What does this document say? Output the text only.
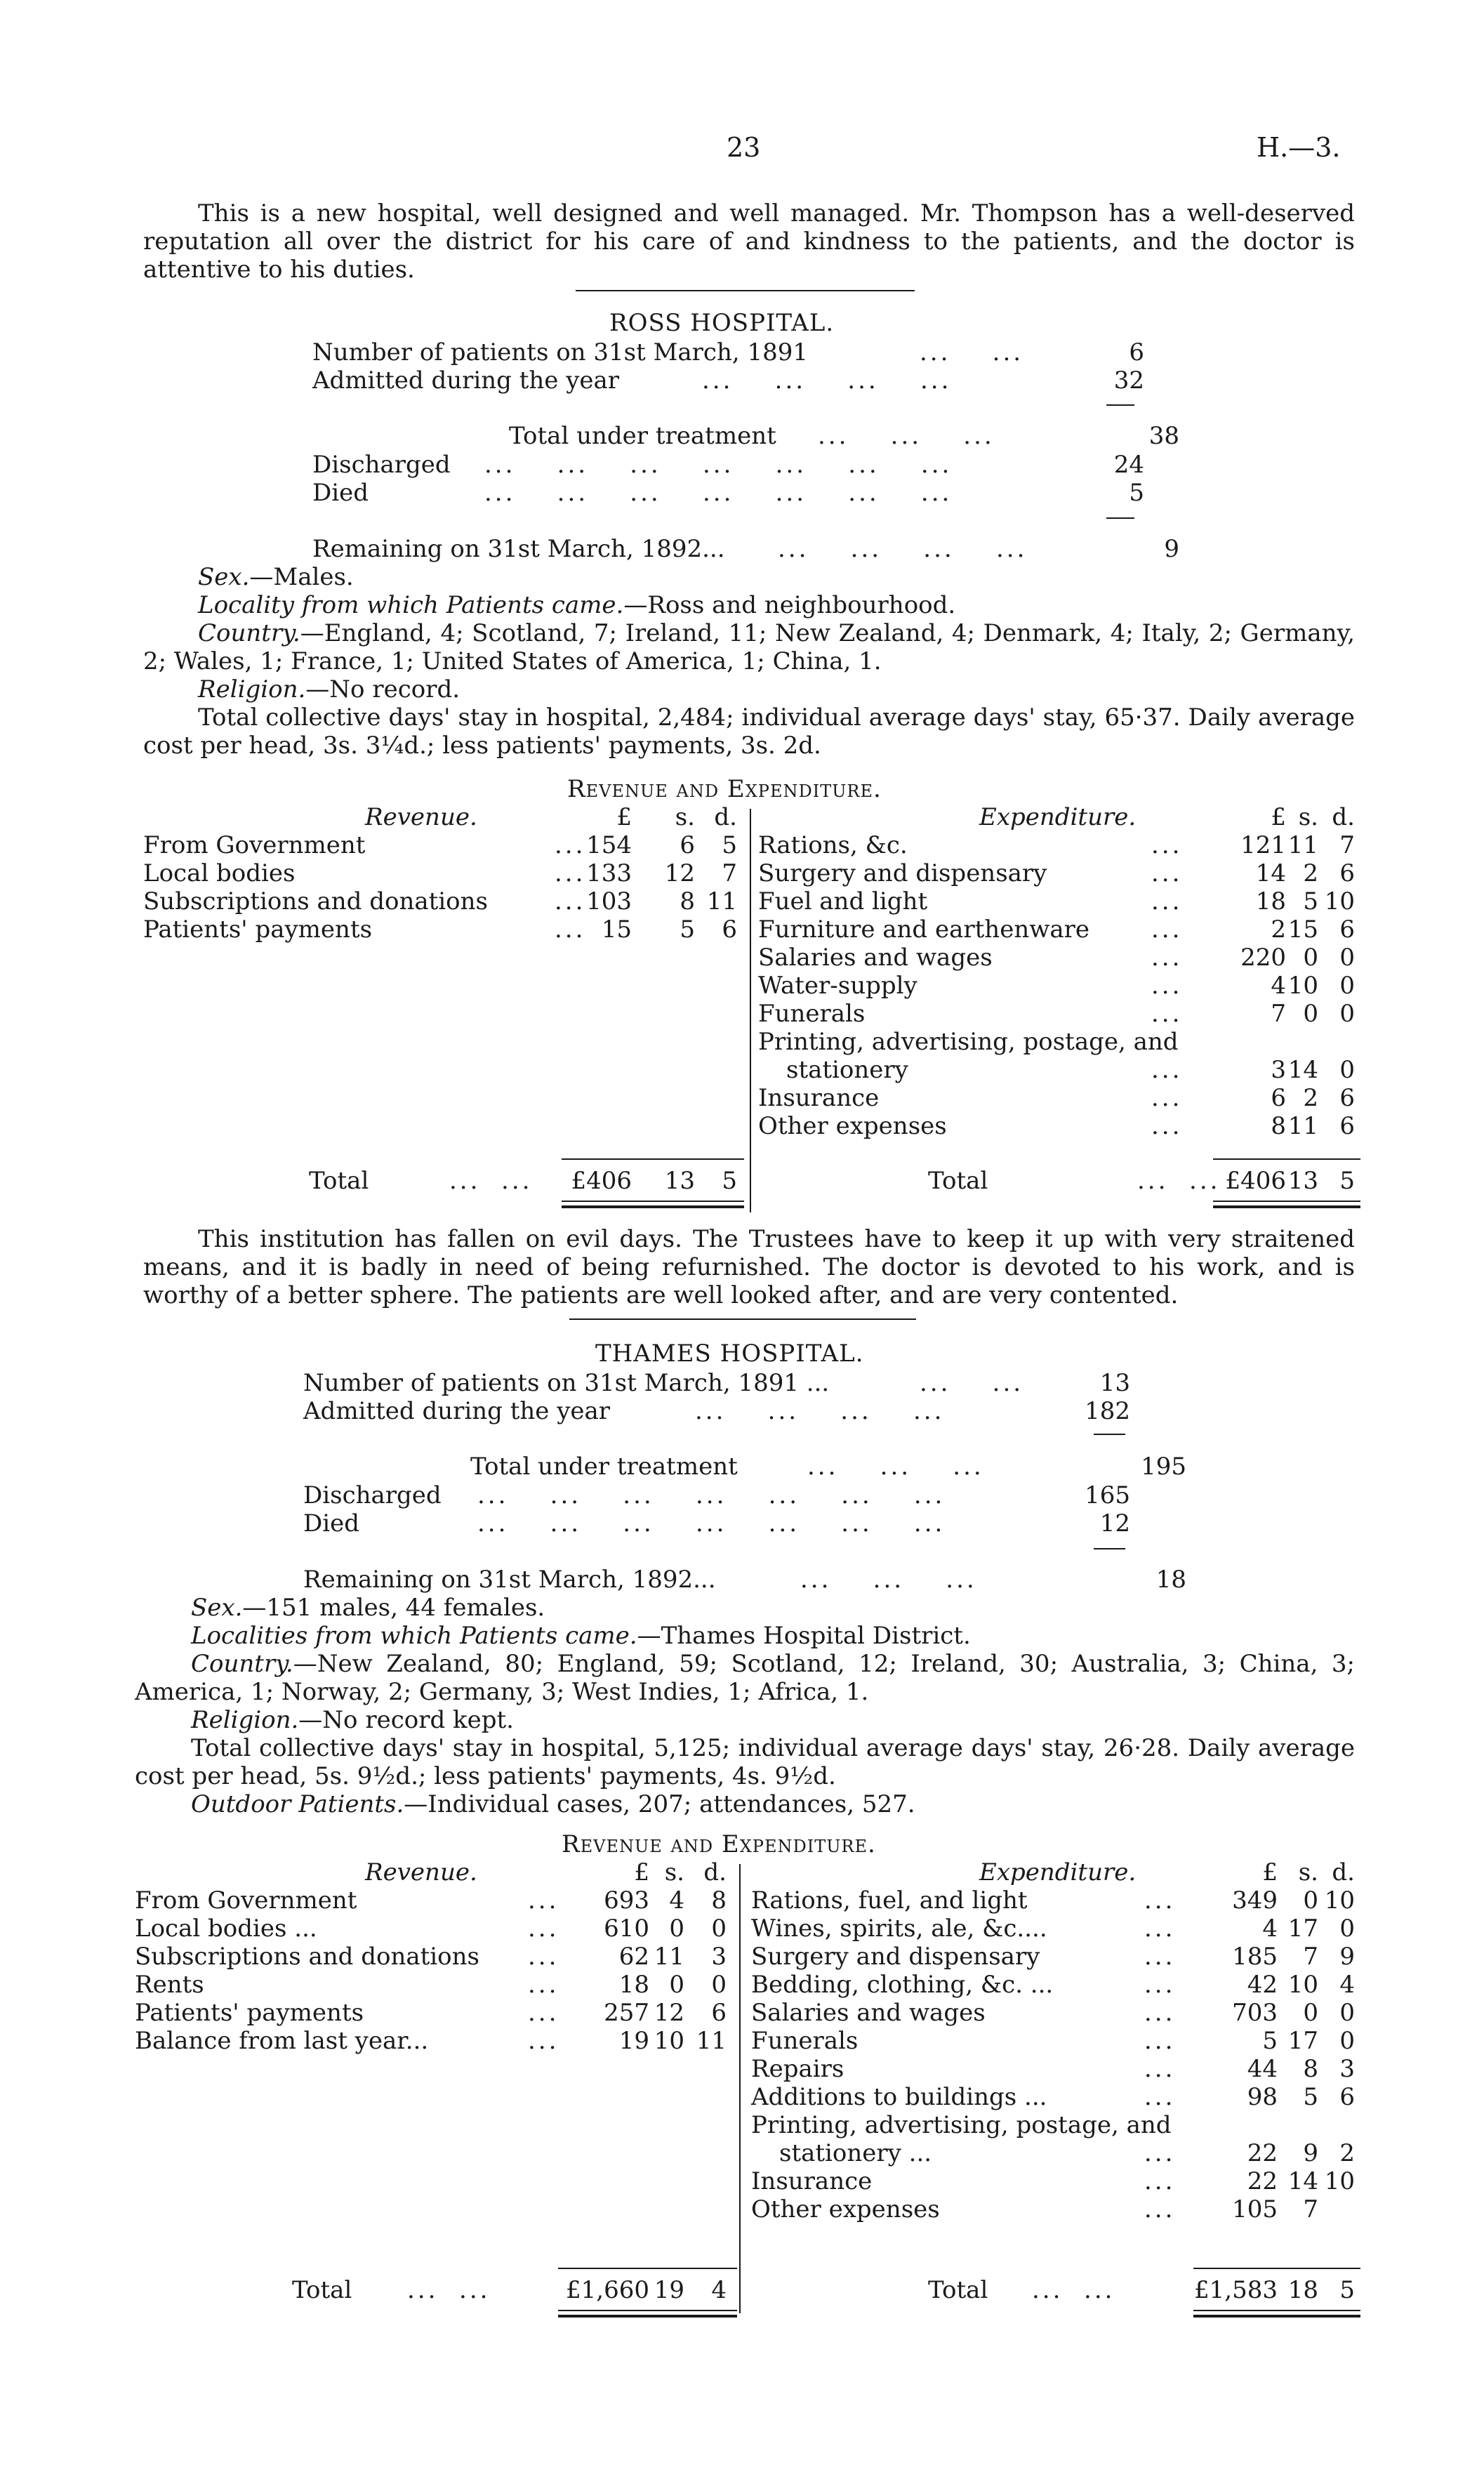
23	H.—3.
This is a new hospital, well designed and well managed. Mr. Thompson has a well-deserved reputation all over the district for his care of and kindness to the patients, and the doctor is attentive to his duties.
ROSS HOSPITAL.
Number of patients on 31st March, 1891	...    ...	6
Admitted during the year	...    ...    ...    ...	32
Total under treatment ...    ...    ...	38
Discharged ...    ...    ...    ...    ...    ...    ...	24
Died	...    ...    ...    ...    ...    ...    ...	5
Remaining on 31st March, 1892... ...    ...    ...    ...	9
Sex.—Males.
Locality from which Patients came.—Ross and neighbourhood.
Country.—England, 4; Scotland, 7; Ireland, 11; New Zealand, 4; Denmark, 4; Italy, 2; Germany, 2; Wales, 1; France, 1; United States of America, 1; China, 1.
Religion.—No record.
Total collective days' stay in hospital, 2,484; individual average days' stay, 65·37. Daily average cost per head, 3s. 3¼d.; less patients' payments, 3s. 2d.
Revenue and Expenditure.
Revenue.	Expenditure.
£	s. d.	£ s. d.
From Government	... 154	6	5
Local bodies	... 133	12	7
Subscriptions and donations	... 103	8 11
Patients' payments	... 15	5	6
Rations, &c.	...	121 11 7
Surgery and dispensary	...	14 2 6
Fuel and light	...	18 5 10
Furniture and earthenware	...	2 15 6
Salaries and wages	...	220 0 0
Water-supply	...	4 10 0
Funerals	...	7 0 0
Printing, advertising, postage, and
stationery	...	3 14 0
Insurance	...	6 2 6
Other expenses	...	8 11 6
Total	...  ...	£406	13	5	Total	...  ... £406 13 5
This institution has fallen on evil days. The Trustees have to keep it up with very straitened means, and it is badly in need of being refurnished. The doctor is devoted to his work, and is worthy of a better sphere. The patients are well looked after, and are very contented.
THAMES HOSPITAL.
Number of patients on 31st March, 1891 ...	...    ...	13
Admitted during the year	...    ...    ...    ...	182
Total under treatment	...    ...    ...	195
Discharged ...    ...    ...    ...    ...    ...    ...	165
Died	...    ...    ...    ...    ...    ...    ...	12
Remaining on 31st March, 1892...	...    ...    ...	18
Sex.—151 males, 44 females.
Localities from which Patients came.—Thames Hospital District.
Country.—New Zealand, 80; England, 59; Scotland, 12; Ireland, 30; Australia, 3; China, 3; America, 1; Norway, 2; Germany, 3; West Indies, 1; Africa, 1.
Religion.—No record kept.
Total collective days' stay in hospital, 5,125; individual average days' stay, 26·28. Daily average cost per head, 5s. 9½d.; less patients' payments, 4s. 9½d.
Outdoor Patients.—Individual cases, 207; attendances, 527.
Revenue and Expenditure.
Revenue.	Expenditure.
£ s. d.	£ s. d.
From Government	...	693 4	8
Local bodies ...	...	610 0	0
Subscriptions and donations ...	62 11	3
Rents	...	18 0	0
Patients' payments	...	257 12	6
Balance from last year...	...	19 10 11
Rations, fuel, and light	...	349	0 10
Wines, spirits, ale, &c....	...	4 17 0
Surgery and dispensary	...	185	7 9
Bedding, clothing, &c. ...	...	42 10 4
Salaries and wages	...	703	0 0
Funerals	...	5 17 0
Repairs	...	44	8 3
Additions to buildings ...	...	98	5 6
Printing, advertising, postage, and
stationery ...	...	22	9 2
Insurance	...	22 14 10
Other expenses	...	105	7
Total ...  ...	£1,660 19	4	Total ...  ...	£1,583 18 5
